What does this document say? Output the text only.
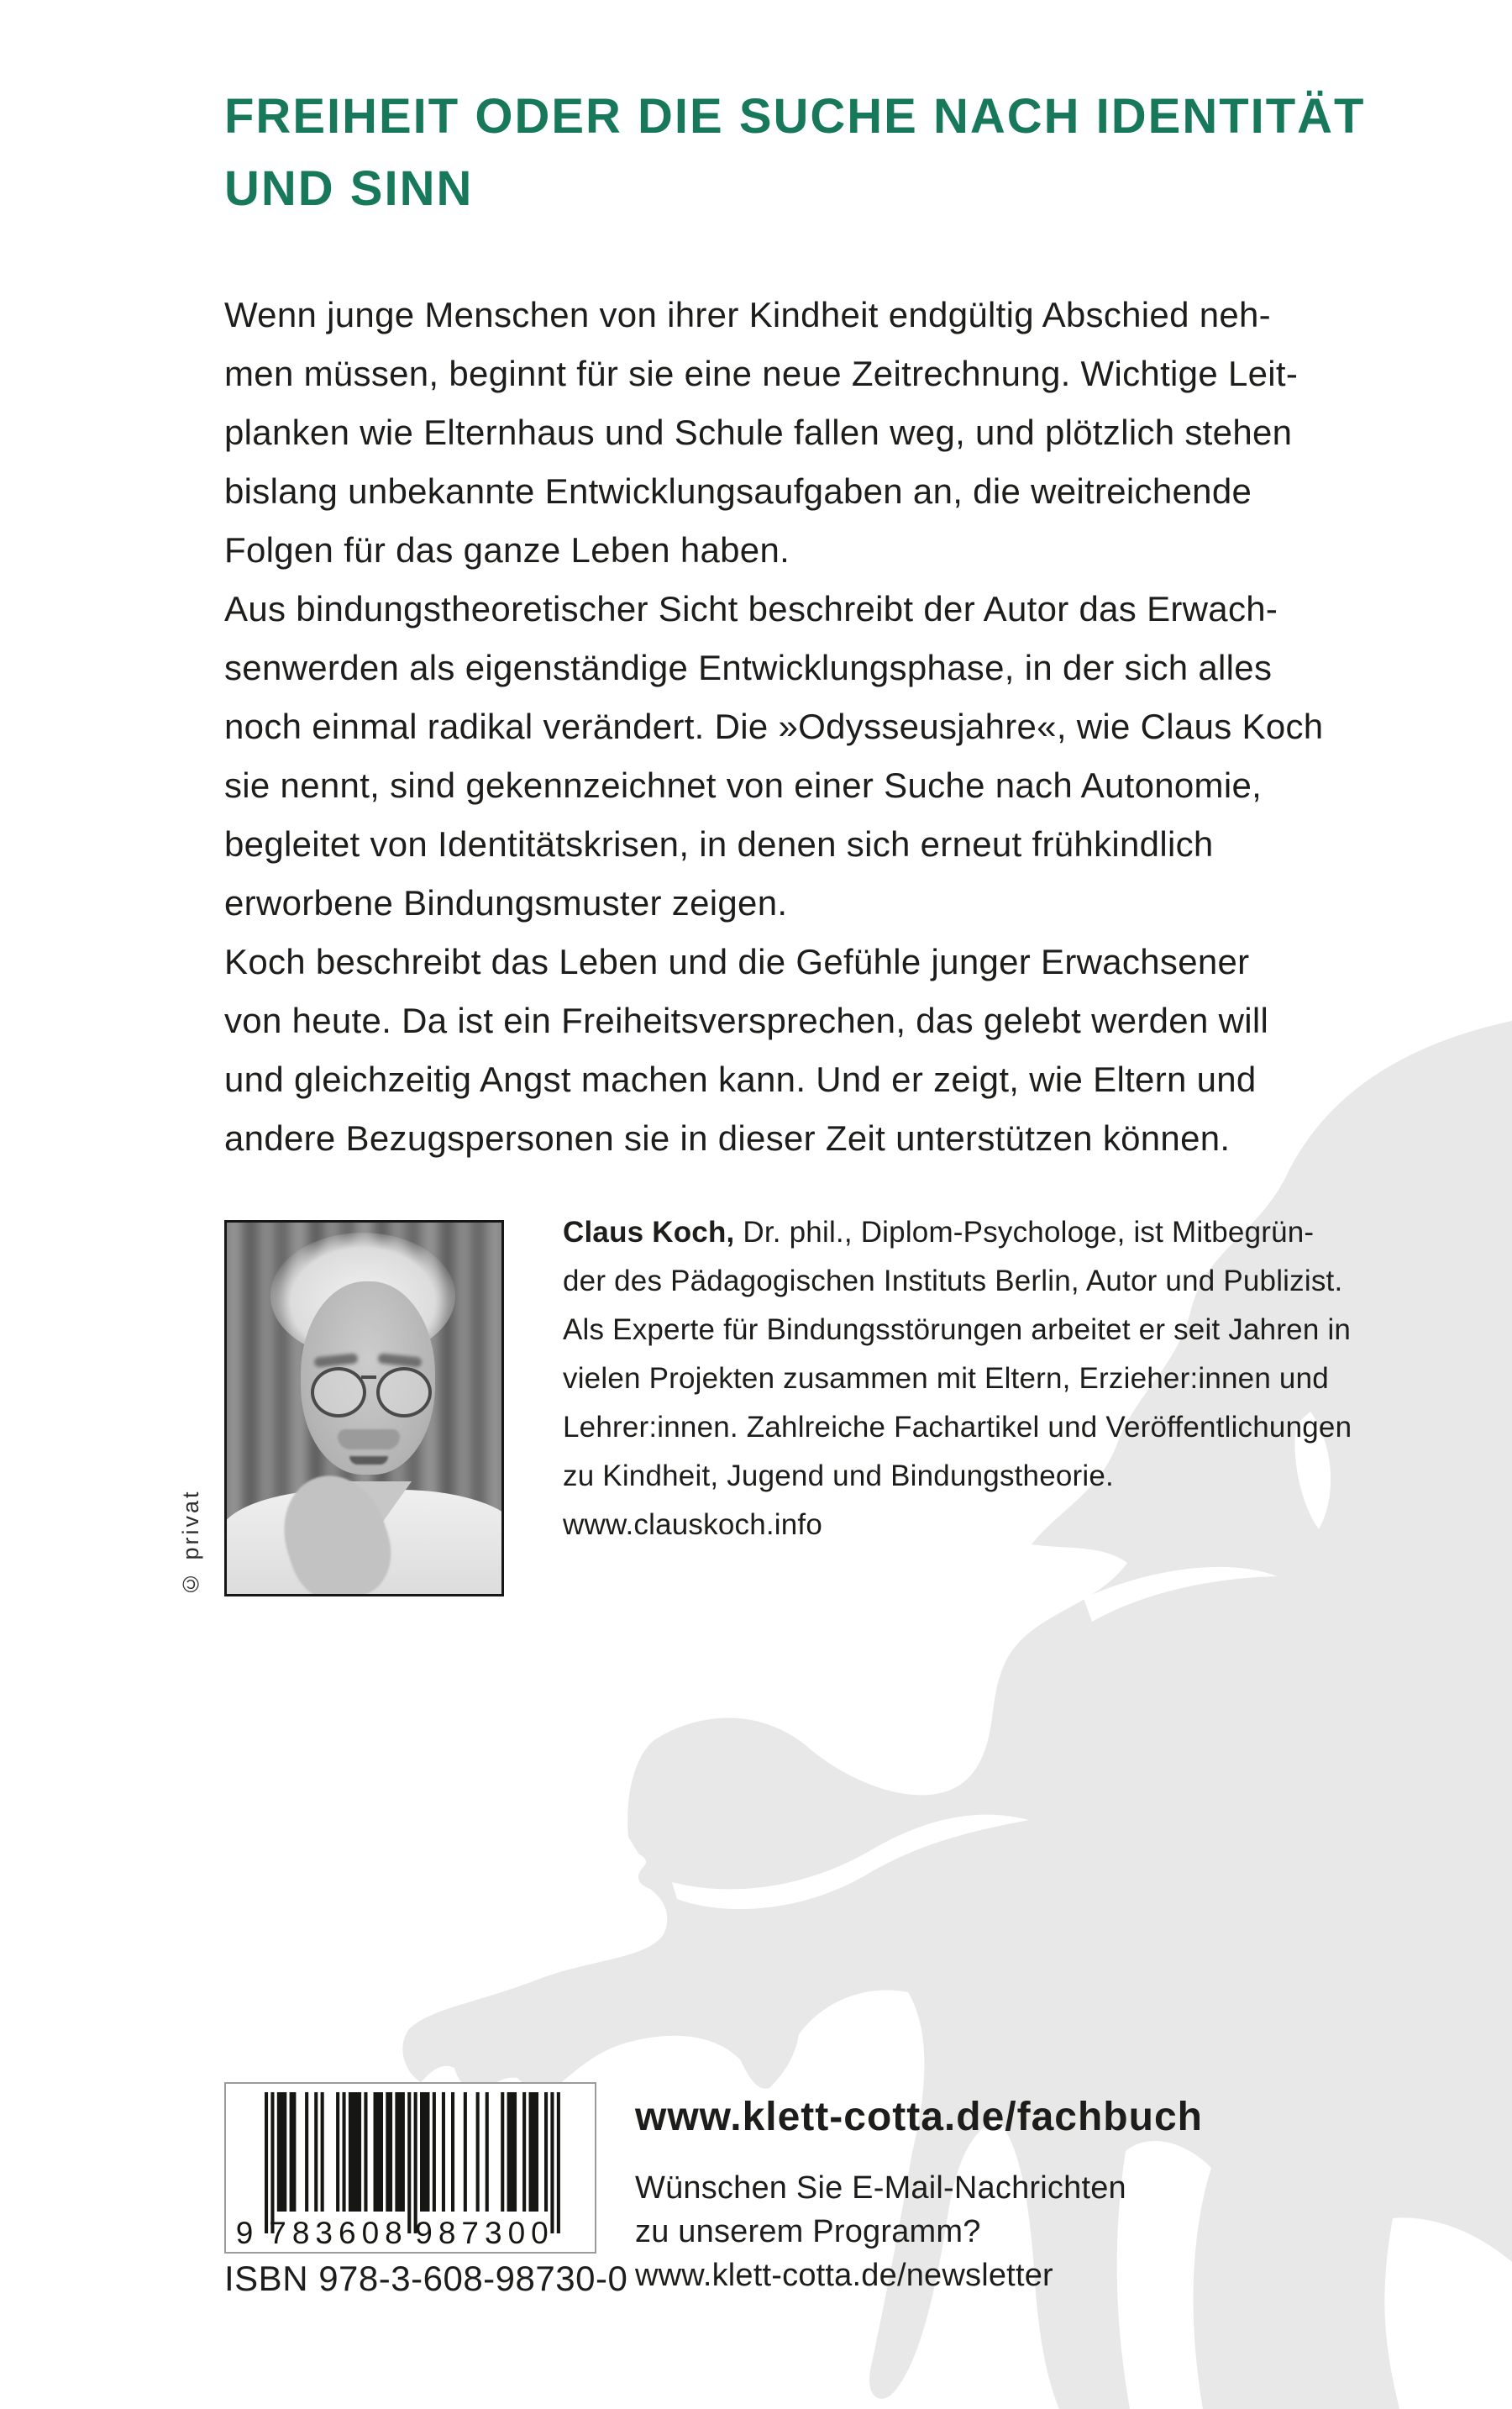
FREIHEIT ODER DIE SUCHE NACH IDENTITÄT
UND SINN
Wenn junge Menschen von ihrer Kindheit endgültig Abschied neh-
men müssen, beginnt für sie eine neue Zeitrechnung. Wichtige Leit-
planken wie Elternhaus und Schule fallen weg, und plötzlich stehen
bislang unbekannte Entwicklungsaufgaben an, die weitreichende
Folgen für das ganze Leben haben.
Aus bindungstheoretischer Sicht beschreibt der Autor das Erwach-
senwerden als eigenständige Entwicklungsphase, in der sich alles
noch einmal radikal verändert. Die »Odysseusjahre«, wie Claus Koch
sie nennt, sind gekennzeichnet von einer Suche nach Autonomie,
begleitet von Identitätskrisen, in denen sich erneut frühkindlich
erworbene Bindungsmuster zeigen.
Koch beschreibt das Leben und die Gefühle junger Erwachsener
von heute. Da ist ein Freiheitsversprechen, das gelebt werden will
und gleichzeitig Angst machen kann. Und er zeigt, wie Eltern und
andere Bezugspersonen sie in dieser Zeit unterstützen können.
© privat
Claus Koch, Dr. phil., Diplom-Psychologe, ist Mitbegrün-
der des Pädagogischen Instituts Berlin, Autor und Publizist.
Als Experte für Bindungsstörungen arbeitet er seit Jahren in
vielen Projekten zusammen mit Eltern, Erzieher:innen und
Lehrer:innen. Zahlreiche Fachartikel und Veröffentlichungen
zu Kindheit, Jugend und Bindungstheorie.
www.clauskoch.info
9 783608 987300
ISBN 978-3-608-98730-0
www.klett-cotta.de/fachbuch
Wünschen Sie E-Mail-Nachrichten
zu unserem Programm?
www.klett-cotta.de/newsletter
